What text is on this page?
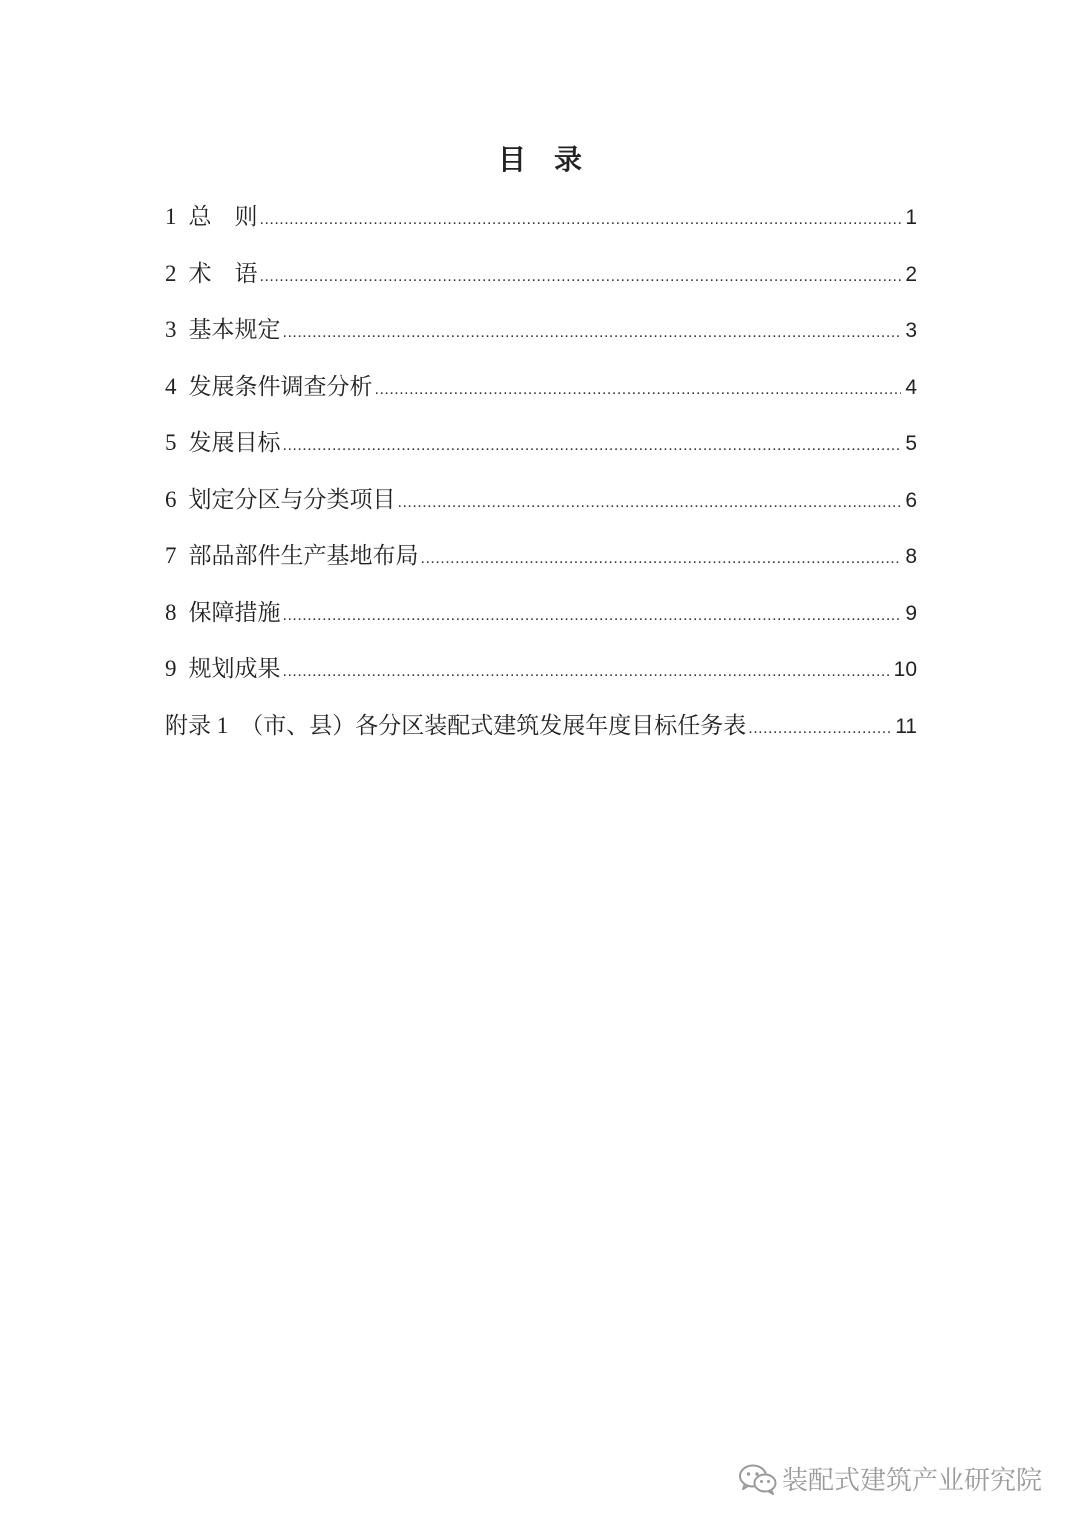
目　录
1 总　则 .....	1
2 术　语 .....	2
3 基本规定 .....	3
4 发展条件调查分析 .....	4
5 发展目标 .....	5
6 划定分区与分类项目 .....	6
7 部品部件生产基地布局 .....	8
8 保障措施 .....	9
9 规划成果 .....	10
附录 1 （市、县）各分区装配式建筑发展年度目标任务表 .....	11
装配式建筑产业研究院
